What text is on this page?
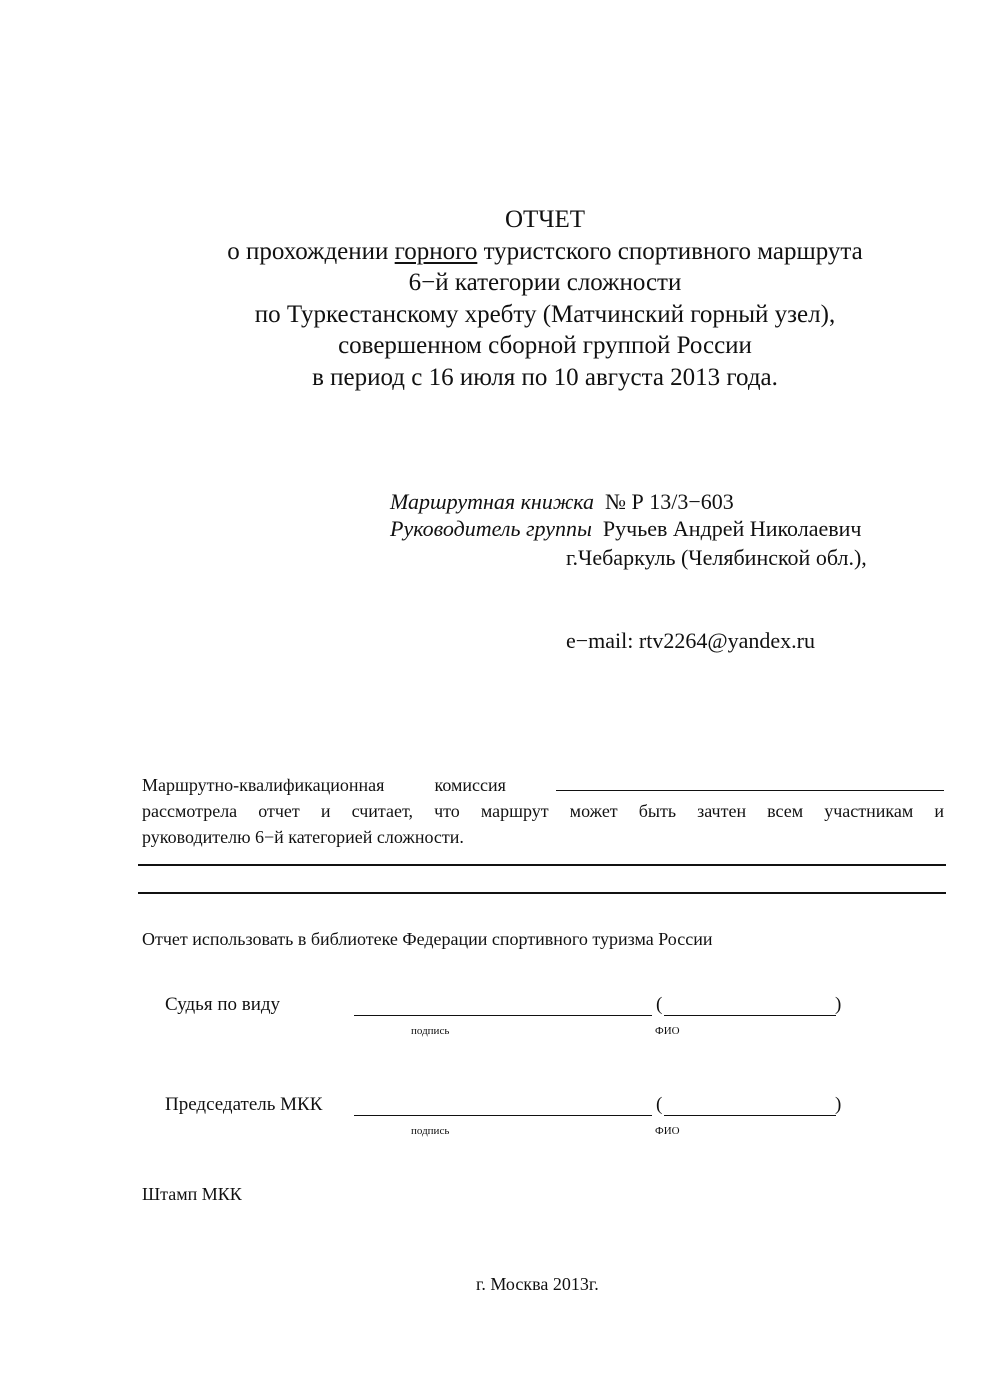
ОТЧЕТ
о прохождении горного туристского спортивного маршрута
6−й категории сложности
по Туркестанскому хребту (Матчинский горный узел),
совершенном сборной группой России
в период с 16 июля по 10 августа 2013 года.
Маршрутная книжка № Р 13/3−603
Руководитель группы Ручьев Андрей Николаевич
г.Чебаркуль (Челябинской обл.),
e−mail: rtv2264@yandex.ru
Маршрутно-квалификационная	комиссия
рассмотрела отчет и считает, что маршрут может быть зачтен всем участникам и
руководителю 6−й категорией сложности.
Отчет использовать в библиотеке Федерации спортивного туризма России
Судья по виду	(	)
подпись	ФИО
Председатель МКК	(	)
подпись	ФИО
Штамп МКК
г. Москва 2013г.
